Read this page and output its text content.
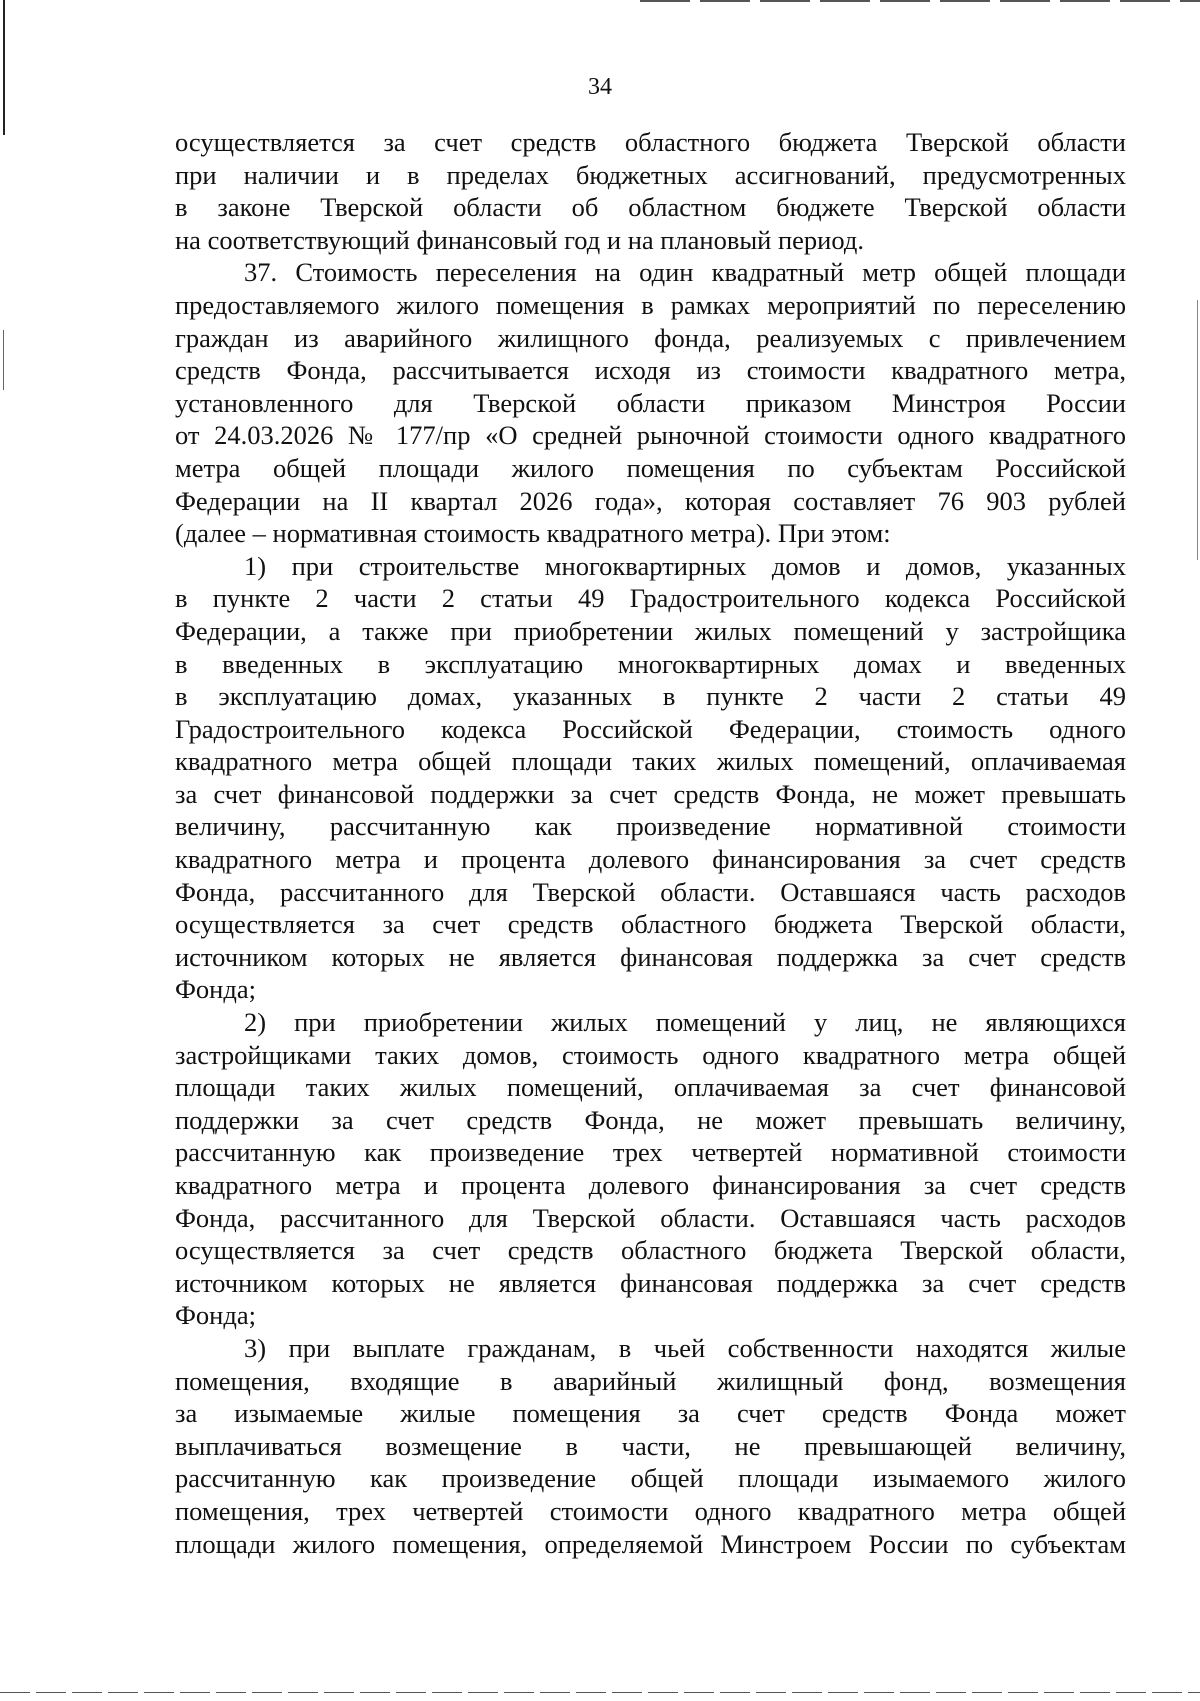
34

осуществляется за счет средств областного бюджета Тверской области
при наличии и в пределах бюджетных ассигнований, предусмотренных
в законе Тверской области об областном бюджете Тверской области
на соответствующий финансовый год и на плановый период.

37. Стоимость переселения на один квадратный метр общей площади
предоставляемого жилого помещения в рамках мероприятий по переселению
граждан из аварийного жилищного фонда, реализуемых с привлечением
средств Фонда, рассчитывается исходя из стоимости квадратного метра,
установленного для Тверской области приказом Минстроя России
от 24.03.2026 № 177/пр «О средней рыночной стоимости одного квадратного
метра общей площади жилого помещения по субъектам Российской
Федерации на II квартал 2026 года», которая составляет 76 903 рублей
(далее – нормативная стоимость квадратного метра). При этом:

1) при строительстве многоквартирных домов и домов, указанных
в пункте 2 части 2 статьи 49 Градостроительного кодекса Российской
Федерации, а также при приобретении жилых помещений у застройщика
в введенных в эксплуатацию многоквартирных домах и введенных
в эксплуатацию домах, указанных в пункте 2 части 2 статьи 49
Градостроительного кодекса Российской Федерации, стоимость одного
квадратного метра общей площади таких жилых помещений, оплачиваемая
за счет финансовой поддержки за счет средств Фонда, не может превышать
величину, рассчитанную как произведение нормативной стоимости
квадратного метра и процента долевого финансирования за счет средств
Фонда, рассчитанного для Тверской области. Оставшаяся часть расходов
осуществляется за счет средств областного бюджета Тверской области,
источником которых не является финансовая поддержка за счет средств
Фонда;

2) при приобретении жилых помещений у лиц, не являющихся
застройщиками таких домов, стоимость одного квадратного метра общей
площади таких жилых помещений, оплачиваемая за счет финансовой
поддержки за счет средств Фонда, не может превышать величину,
рассчитанную как произведение трех четвертей нормативной стоимости
квадратного метра и процента долевого финансирования за счет средств
Фонда, рассчитанного для Тверской области. Оставшаяся часть расходов
осуществляется за счет средств областного бюджета Тверской области,
источником которых не является финансовая поддержка за счет средств
Фонда;

3) при выплате гражданам, в чьей собственности находятся жилые
помещения, входящие в аварийный жилищный фонд, возмещения
за изымаемые жилые помещения за счет средств Фонда может
выплачиваться возмещение в части, не превышающей величину,
рассчитанную как произведение общей площади изымаемого жилого
помещения, трех четвертей стоимости одного квадратного метра общей
площади жилого помещения, определяемой Минстроем России по субъектам
